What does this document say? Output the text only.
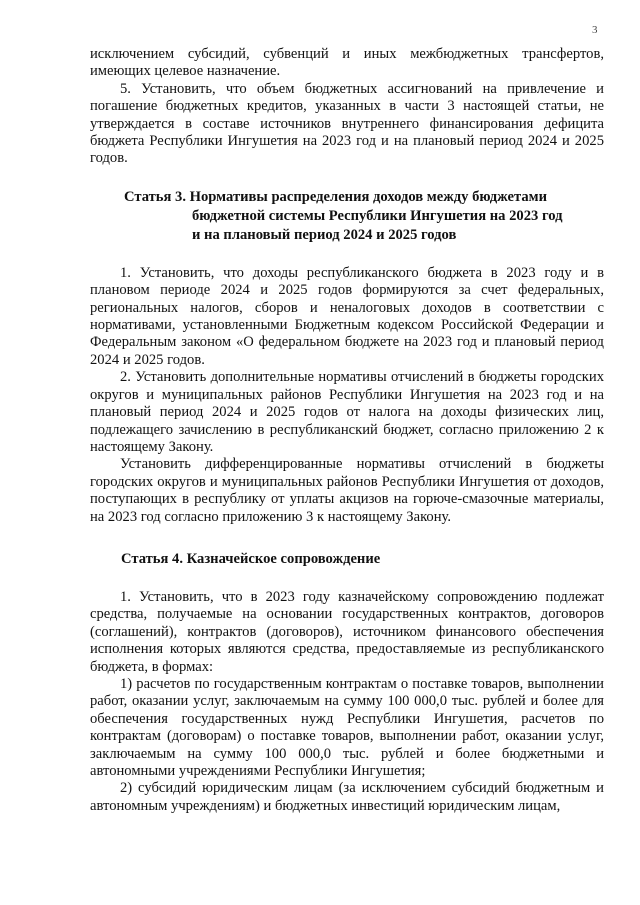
3

исключением субсидий, субвенций и иных межбюджетных трансфертов, имеющих целевое назначение.

5. Установить, что объем бюджетных ассигнований на привлечение и погашение бюджетных кредитов, указанных в части 3 настоящей статьи, не утверждается в составе источников внутреннего финансирования дефицита бюджета Республики Ингушетия на 2023 год и на плановый период 2024 и 2025 годов.

Статья 3. Нормативы распределения доходов между бюджетами
бюджетной системы Республики Ингушетия на 2023 год
и на плановый период 2024 и 2025 годов

1. Установить, что доходы республиканского бюджета в 2023 году и в плановом периоде 2024 и 2025 годов формируются за счет федеральных, региональных налогов, сборов и неналоговых доходов в соответствии с нормативами, установленными Бюджетным кодексом Российской Федерации и Федеральным законом «О федеральном бюджете на 2023 год и плановый период 2024 и 2025 годов.

2. Установить дополнительные нормативы отчислений в бюджеты городских округов и муниципальных районов Республики Ингушетия на 2023 год и на плановый период 2024 и 2025 годов от налога на доходы физических лиц, подлежащего зачислению в республиканский бюджет, согласно приложению 2 к настоящему Закону.

Установить дифференцированные нормативы отчислений в бюджеты городских округов и муниципальных районов Республики Ингушетия от доходов, поступающих в республику от уплаты акцизов на горюче-смазочные материалы, на 2023 год согласно приложению 3 к настоящему Закону.

Статья 4. Казначейское сопровождение

1. Установить, что в 2023 году казначейскому сопровождению подлежат средства, получаемые на основании государственных контрактов, договоров (соглашений), контрактов (договоров), источником финансового обеспечения исполнения которых являются средства, предоставляемые из республиканского бюджета, в формах:

1) расчетов по государственным контрактам о поставке товаров, выполнении работ, оказании услуг, заключаемым на сумму 100 000,0 тыс. рублей и более для обеспечения государственных нужд Республики Ингушетия, расчетов по контрактам (договорам) о поставке товаров, выполнении работ, оказании услуг, заключаемым на сумму 100 000,0 тыс. рублей и более бюджетными и автономными учреждениями Республики Ингушетия;

2) субсидий юридическим лицам (за исключением субсидий бюджетным и автономным учреждениям) и бюджетных инвестиций юридическим лицам,
